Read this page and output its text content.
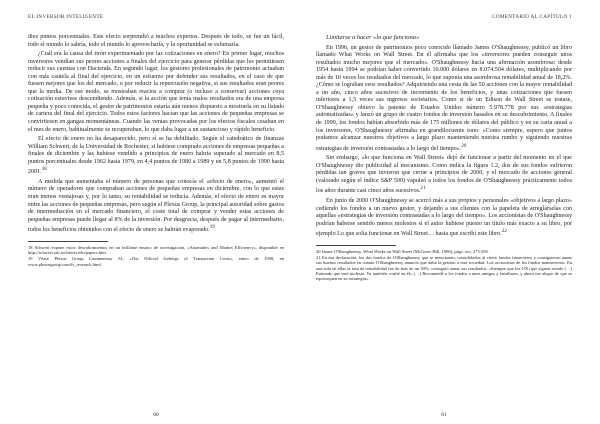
EL INVERSOR INTELIGENTE

diez puntos porcentuales. Este efecto sorprendió a muchos expertos. Después de todo, se fue un fácil, todo el mundo lo sabría, todo el mundo lo aprovecharía, y la oportunidad se esfumaría.

¿Cuál era la causa del tirón experimentado por las cotizaciones en enero? En primer lugar, muchos inversores vendían sus peores acciones a finales del ejercicio para generar pérdidas que les permitiesen reducir sus cuentas con Hacienda. En segundo lugar, los gestores profesionales de patrimonio actuaban con más cautela al final del ejercicio, en un esfuerzo por defender sus resultados, en el caso de que fuesen mejores que los del mercado, o por reducir la repercusión negativa, si sus resultados eran peores que la media. De ese modo, se mostraban reacios a comprar (o incluso a conservar) acciones cuya cotización estuviese descendiendo. Además, si la acción que tenía malos resultados era de una empresa pequeña y poco conocida, el gestor de patrimonios estaría aún menos dispuesto a mostrarla en su listado de cartera del final del ejercicio. Todos estos factores hacían que las acciones de pequeñas empresas se convirtiesen en gangas momentáneas. Cuando las ventas provocadas por los efectos fiscales cesaban en el mes de enero, habitualmente se recuperaban, lo que daba lugar a un sustancioso y rápido beneficio.

El efecto de enero no ha desaparecido, pero sí se ha debilitado. Según el catedrático de finanzas William Schwert, de la Universidad de Rochester, si hubiese comprado acciones de empresas pequeñas a finales de diciembre y las hubiese vendido a principios de enero habría superado al mercado en 8,5 puntos porcentuales desde 1962 hasta 1979, en 4,4 puntos de 1980 a 1989 y en 5,8 puntos de 1990 hasta 2001.18

A medida que aumentaba el número de personas que conocía el «efecto de enero», aumentó el número de operadores que compraban acciones de pequeñas empresas en diciembre, con lo que estas eran menos ventajosas y, por lo tanto, su rentabilidad se reducía. Además, el efecto de enero es mayor entre las acciones de pequeñas empresas, pero según el Plexus Group, la principal autoridad sobre gastos de intermediación en el mercado financiero, el coste total de comprar y vender estas acciones de pequeñas empresas puede llegar al 8% de la inversión. Por desgracia, después de pagar al intermediario, todos los beneficios obtenidos con el efecto de enero se habrán evaporado.$^{19}$

18 Schwert expone estos descubrimientos en un brillante ensayo de investigación, «Anomalies and Market Efficiency», disponible en http://schwert.ssb.rochester.edu/papers.htm.

19 Véase Plexus Group Commentary 54, «The Official Icebergs of Transaction Costs», enero de 1998, en www.plexusgroup.com/fs_research.html.

60
COMENTARIO AL CAPÍTULO 1
Limitarse a hacer «lo que funciona»

En 1996, un gestor de patrimonios poco conocido llamado James O'Shaughnessy, publicó un libro llamado What Works on Wall Street. En él afirmaba que los «inversores pueden conseguir unos resultados mucho mejores que el mercado». O'Shaughnessy hacía una afirmación asombrosa: desde 1954 hasta 1994 se podrían haber convertido 10.000 dólares en 8.074.504 dólares, multiplicando por más de 10 veces los resultados del mercado, lo que suponía una asombrosa rentabilidad anual de 18,2%. ¿Cómo se lograban esos resultados? Adquiriendo una cesta de las 50 acciones con la mayor rentabilidad a un año, cinco años sucesivos de incremento de los beneficios, y unas cotizaciones que fuesen inferiores a 1,5 veces sus ingresos societarios. Como si de un Edison de Wall Street se tratase, O'Shaughnessy obtuvo la patente de Estados Unidos número 5.978.778 por sus «estrategias automatizadas» y lanzó un grupo de cuatro fondos de inversión basados en su descubrimiento. A finales de 1999, los fondos habían absorbido más de 175 millones de dólares del público y en su carta anual a los inversores, O'Shaughnessy afirmaba en grandilocuente tono: «Como siempre, espero que juntos podamos alcanzar nuestros objetivos a largo plazo manteniendo nuestra rumbo y siguiendo nuestras estrategias de inversión contrastadas a lo largo del tiempo».$^{20}$

Sin embargo, «lo que funciona en Wall Street» dejó de funcionar a partir del momento en el que O'Shaughnessy dio publicidad al mecanismo. Como indica la figura 1.2, dos de sus fondos sufrieron pérdidas tan graves que tuvieron que cerrar a principios de 2000, y el mercado de acciones general (valorado según el índice S&P 500) vapuleó a todos los fondos de O'Shaughnessy prácticamente todos los años durante casi cinco años sucesivos.$^{21}$

En junio de 2000 O'Shaughnessy se acercó más a sus propios y personales «objetivos a largo plazo» cediendo los fondos a un nuevo gestor, y dejando a sus clientes con la papeleta de arreglárselas con aquellas «estrategias de inversión contrastadas a lo largo del tiempo». Los accionistas de O'Shaughnessy podrían haberse sentido menos molestos si el autor hubiese puesto un título más exacto a su libro, por ejemplo Lo que solía funcionar en Wall Street… hasta que escribí este libro.$^{22}$

20 James O'Shaughnessy, What Works on Wall Street (McGraw-Hill, 1996), págs. xvi, 273-295.

21 En esa declaración, los dos fondos de O'Shaughnessy que se mencionan, consolidados al cierre fondos financieros y consiguieron aunar sus buenos resultados en cuanto O'Shaughnessy anunció que daba la gestión a otra sociedad. Los accionistas de los fondos mantuvieron. En una sola de ellas la tasa de rentabilidad fue de más de un 50%; consiguió aunar sus resultados. «Siempre que los O'S (que siguen siendo (…) Entiendo que esté molesto. Ya también confié en él» (…) Recomendé a los fondos a unos amigos y familiares, y ahora me alegro de que se equivoquen en su estrategia».

61
